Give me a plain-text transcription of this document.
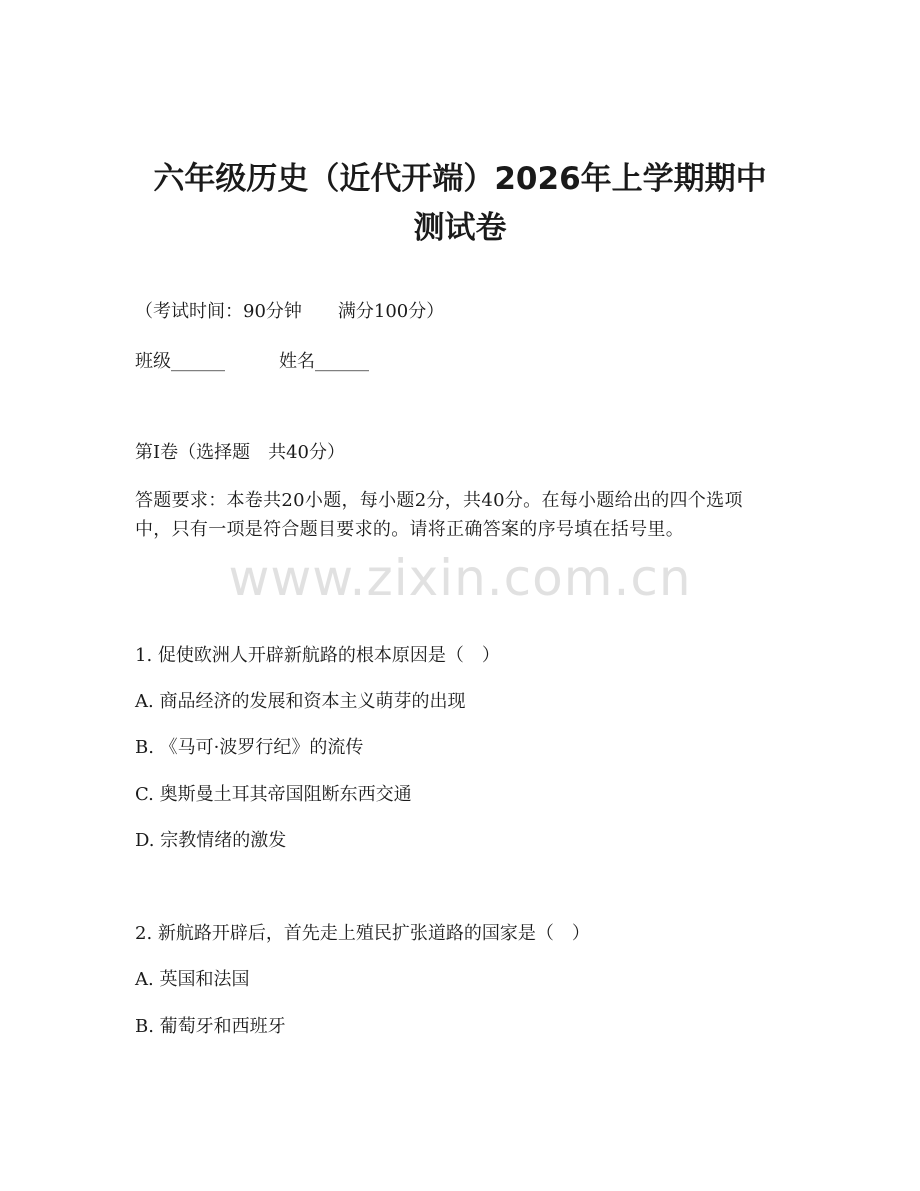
六年级历史（近代开端）2026年上学期期中
测试卷

（考试时间：90分钟　　满分100分）

班级______	姓名______

第Ⅰ卷（选择题　共40分）

答题要求：本卷共20小题，每小题2分，共40分。在每小题给出的四个选项中，只有一项是符合题目要求的。请将正确答案的序号填在括号里。

www.zixin.com.cn

1. 促使欧洲人开辟新航路的根本原因是（　）

A. 商品经济的发展和资本主义萌芽的出现

B. 《马可·波罗行纪》的流传

C. 奥斯曼土耳其帝国阻断东西交通

D. 宗教情绪的激发

2. 新航路开辟后，首先走上殖民扩张道路的国家是（　）

A. 英国和法国

B. 葡萄牙和西班牙
